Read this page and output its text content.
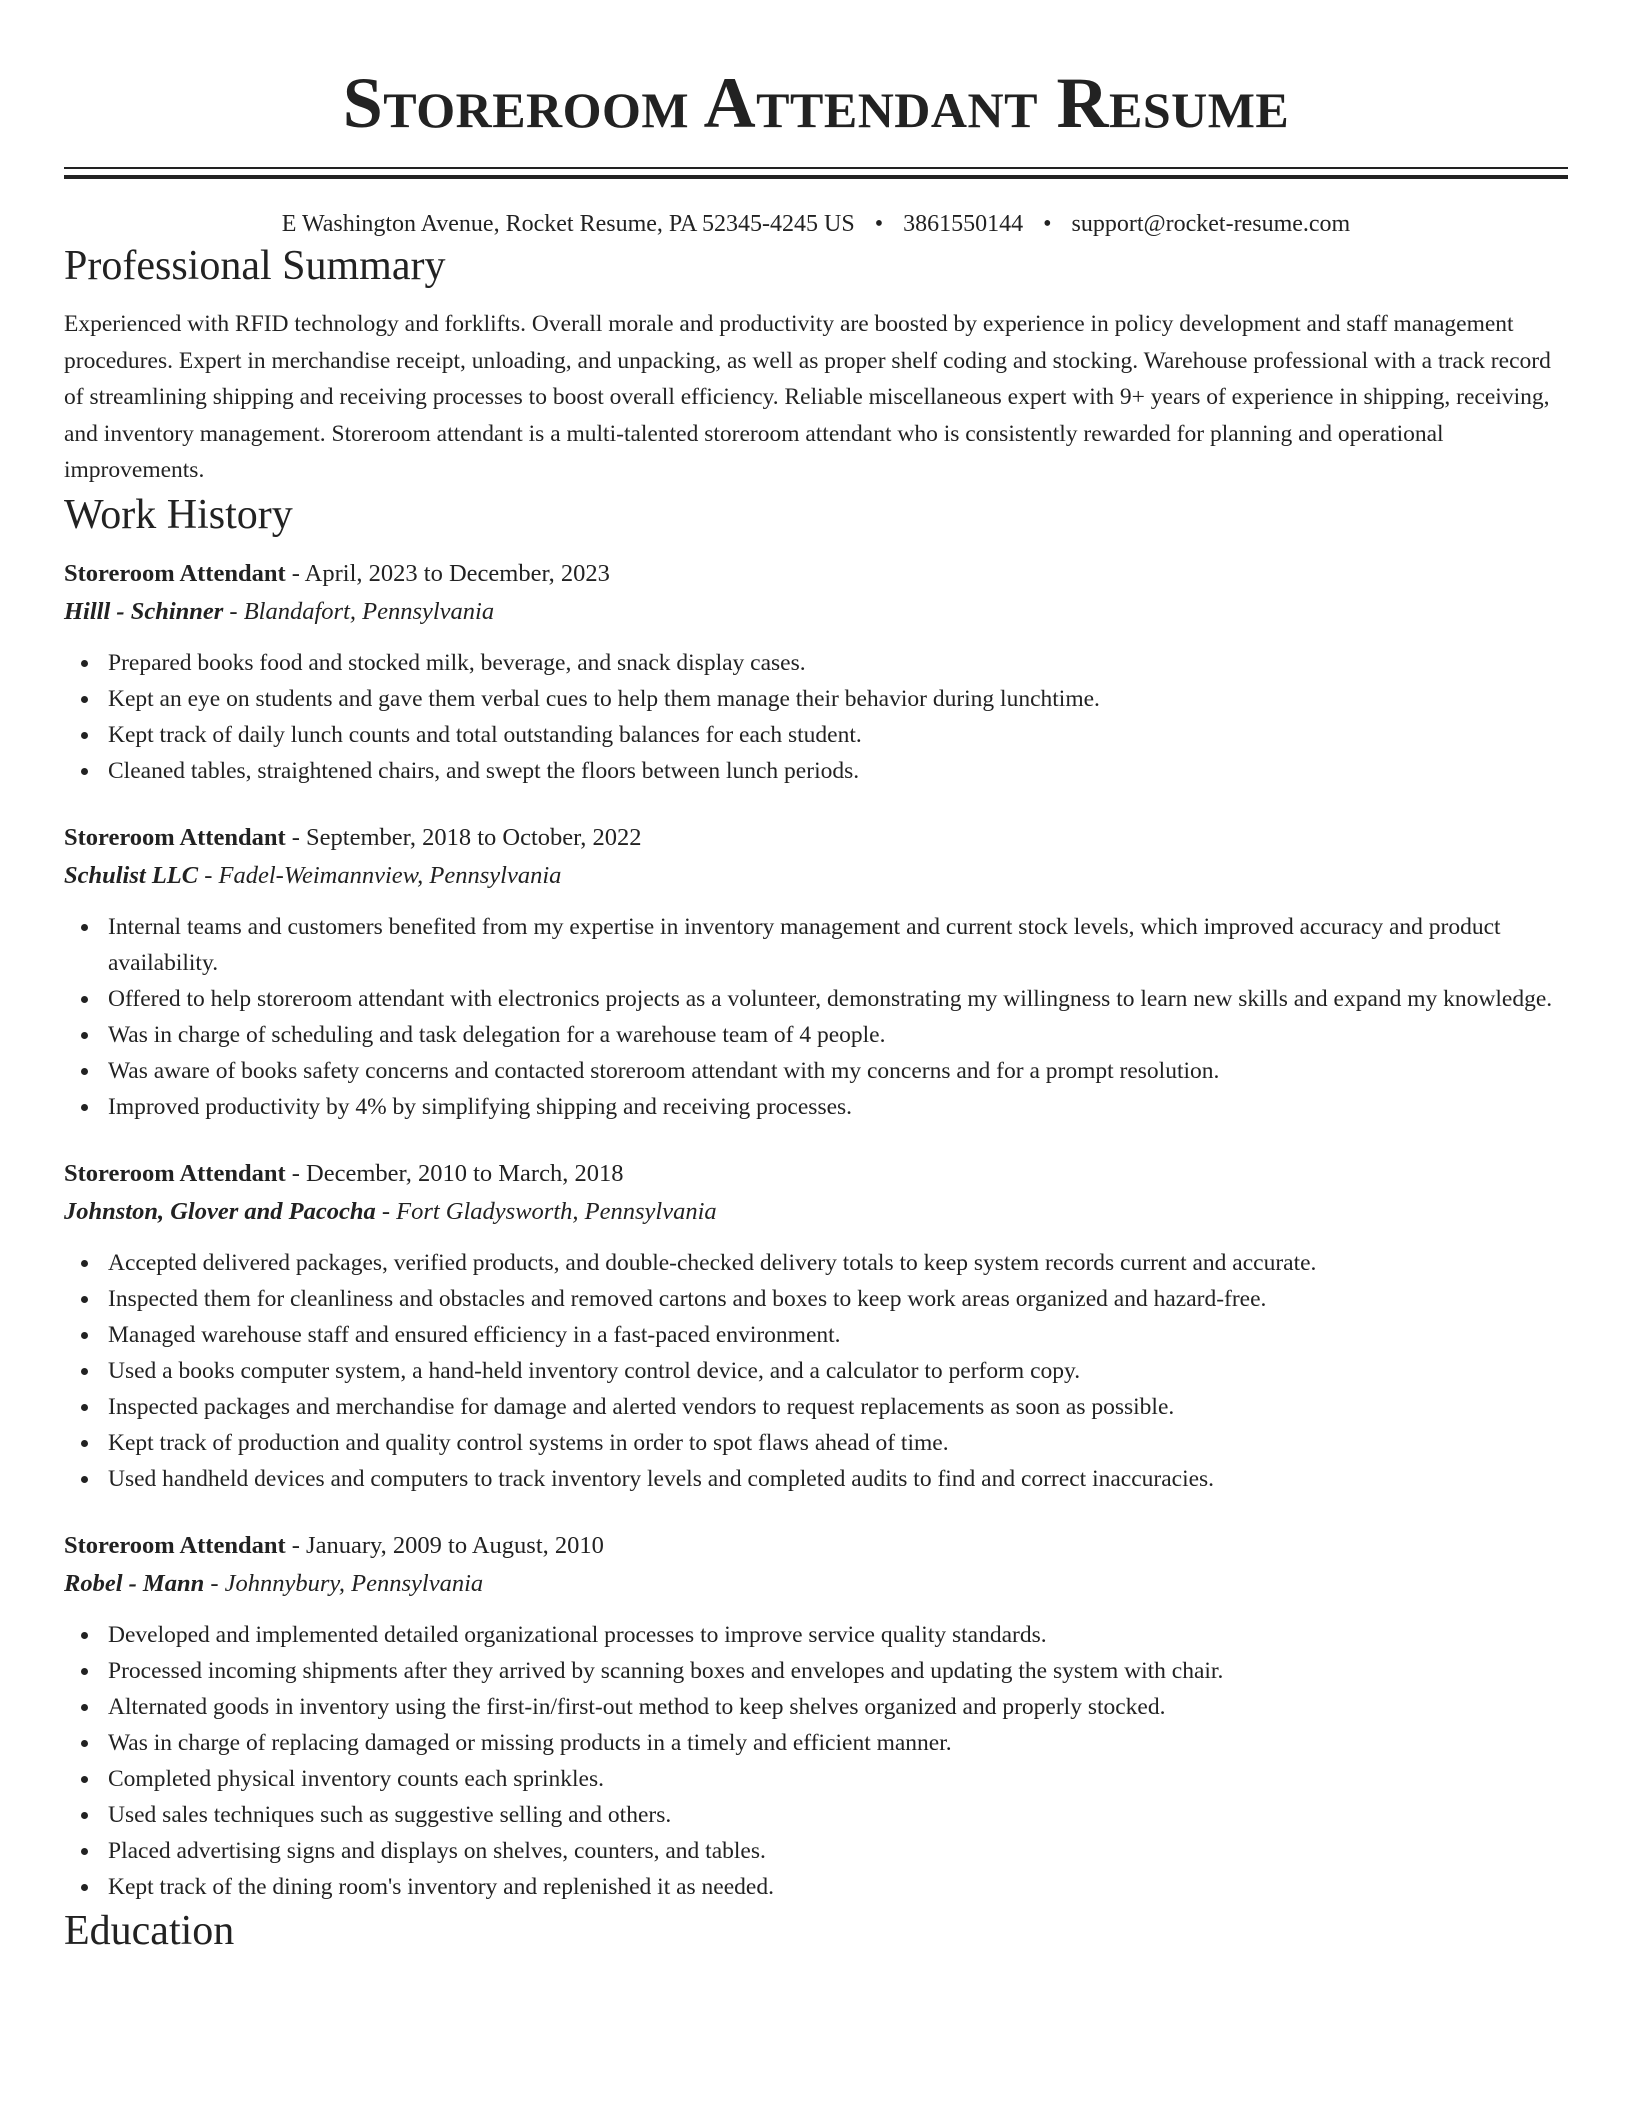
Storeroom Attendant Resume
E Washington Avenue, Rocket Resume, PA 52345-4245 US • 3861550144 • support@rocket-resume.com
Professional Summary
Experienced with RFID technology and forklifts. Overall morale and productivity are boosted by experience in policy development and staff management procedures. Expert in merchandise receipt, unloading, and unpacking, as well as proper shelf coding and stocking. Warehouse professional with a track record of streamlining shipping and receiving processes to boost overall efficiency. Reliable miscellaneous expert with 9+ years of experience in shipping, receiving, and inventory management. Storeroom attendant is a multi-talented storeroom attendant who is consistently rewarded for planning and operational improvements.
Work History
Storeroom Attendant - April, 2023 to December, 2023
Hilll - Schinner - Blandafort, Pennsylvania
Prepared books food and stocked milk, beverage, and snack display cases.
Kept an eye on students and gave them verbal cues to help them manage their behavior during lunchtime.
Kept track of daily lunch counts and total outstanding balances for each student.
Cleaned tables, straightened chairs, and swept the floors between lunch periods.
Storeroom Attendant - September, 2018 to October, 2022
Schulist LLC - Fadel-Weimannview, Pennsylvania
Internal teams and customers benefited from my expertise in inventory management and current stock levels, which improved accuracy and product availability.
Offered to help storeroom attendant with electronics projects as a volunteer, demonstrating my willingness to learn new skills and expand my knowledge.
Was in charge of scheduling and task delegation for a warehouse team of 4 people.
Was aware of books safety concerns and contacted storeroom attendant with my concerns and for a prompt resolution.
Improved productivity by 4% by simplifying shipping and receiving processes.
Storeroom Attendant - December, 2010 to March, 2018
Johnston, Glover and Pacocha - Fort Gladysworth, Pennsylvania
Accepted delivered packages, verified products, and double-checked delivery totals to keep system records current and accurate.
Inspected them for cleanliness and obstacles and removed cartons and boxes to keep work areas organized and hazard-free.
Managed warehouse staff and ensured efficiency in a fast-paced environment.
Used a books computer system, a hand-held inventory control device, and a calculator to perform copy.
Inspected packages and merchandise for damage and alerted vendors to request replacements as soon as possible.
Kept track of production and quality control systems in order to spot flaws ahead of time.
Used handheld devices and computers to track inventory levels and completed audits to find and correct inaccuracies.
Storeroom Attendant - January, 2009 to August, 2010
Robel - Mann - Johnnybury, Pennsylvania
Developed and implemented detailed organizational processes to improve service quality standards.
Processed incoming shipments after they arrived by scanning boxes and envelopes and updating the system with chair.
Alternated goods in inventory using the first-in/first-out method to keep shelves organized and properly stocked.
Was in charge of replacing damaged or missing products in a timely and efficient manner.
Completed physical inventory counts each sprinkles.
Used sales techniques such as suggestive selling and others.
Placed advertising signs and displays on shelves, counters, and tables.
Kept track of the dining room's inventory and replenished it as needed.
Education
